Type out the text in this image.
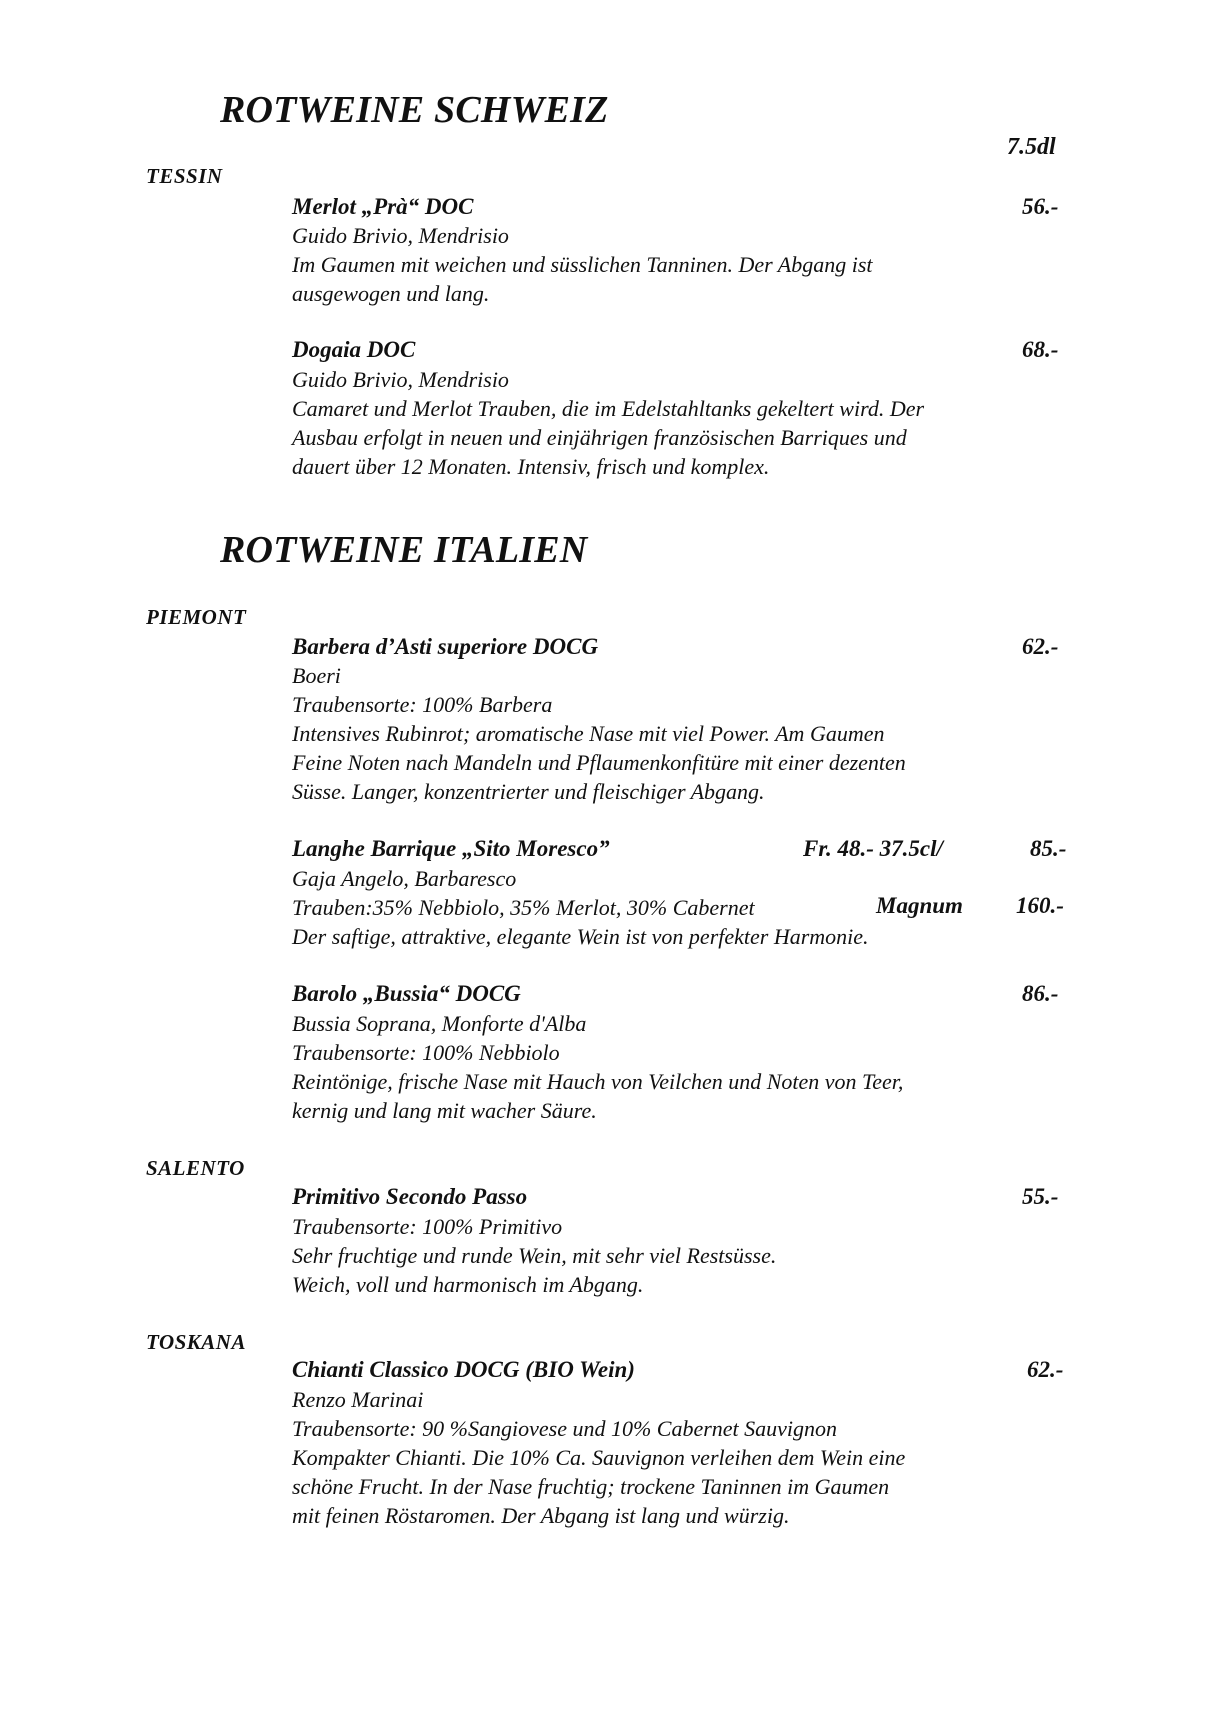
ROTWEINE SCHWEIZ
7.5dl
TESSIN
Merlot „Prà“ DOC	56.-
Guido Brivio, Mendrisio
Im Gaumen mit weichen und süsslichen Tanninen. Der Abgang ist
ausgewogen und lang.
Dogaia DOC	68.-
Guido Brivio, Mendrisio
Camaret und Merlot Trauben, die im Edelstahltanks gekeltert wird. Der
Ausbau erfolgt in neuen und einjährigen französischen Barriques und
dauert über 12 Monaten. Intensiv, frisch und komplex.
ROTWEINE ITALIEN
PIEMONT
Barbera d’Asti superiore DOCG	62.-
Boeri
Traubensorte: 100% Barbera
Intensives Rubinrot; aromatische Nase mit viel Power. Am Gaumen
Feine Noten nach Mandeln und Pflaumenkonfitüre mit einer dezenten
Süsse. Langer, konzentrierter und fleischiger Abgang.
Langhe Barrique „Sito Moresco”	Fr. 48.- 37.5cl/	85.-
Gaja Angelo, Barbaresco
Trauben:35% Nebbiolo, 35% Merlot, 30% Cabernet	Magnum 160.-
Der saftige, attraktive, elegante Wein ist von perfekter Harmonie.
Barolo „Bussia“ DOCG	86.-
Bussia Soprana, Monforte d'Alba
Traubensorte: 100% Nebbiolo
Reintönige, frische Nase mit Hauch von Veilchen und Noten von Teer,
kernig und lang mit wacher Säure.
SALENTO
Primitivo Secondo Passo	55.-
Traubensorte: 100% Primitivo
Sehr fruchtige und runde Wein, mit sehr viel Restsüsse.
Weich, voll und harmonisch im Abgang.
TOSKANA
Chianti Classico DOCG (BIO Wein)	62.-
Renzo Marinai
Traubensorte: 90 %Sangiovese und 10% Cabernet Sauvignon
Kompakter Chianti. Die 10% Ca. Sauvignon verleihen dem Wein eine
schöne Frucht. In der Nase fruchtig; trockene Taninnen im Gaumen
mit feinen Röstaromen. Der Abgang ist lang und würzig.
